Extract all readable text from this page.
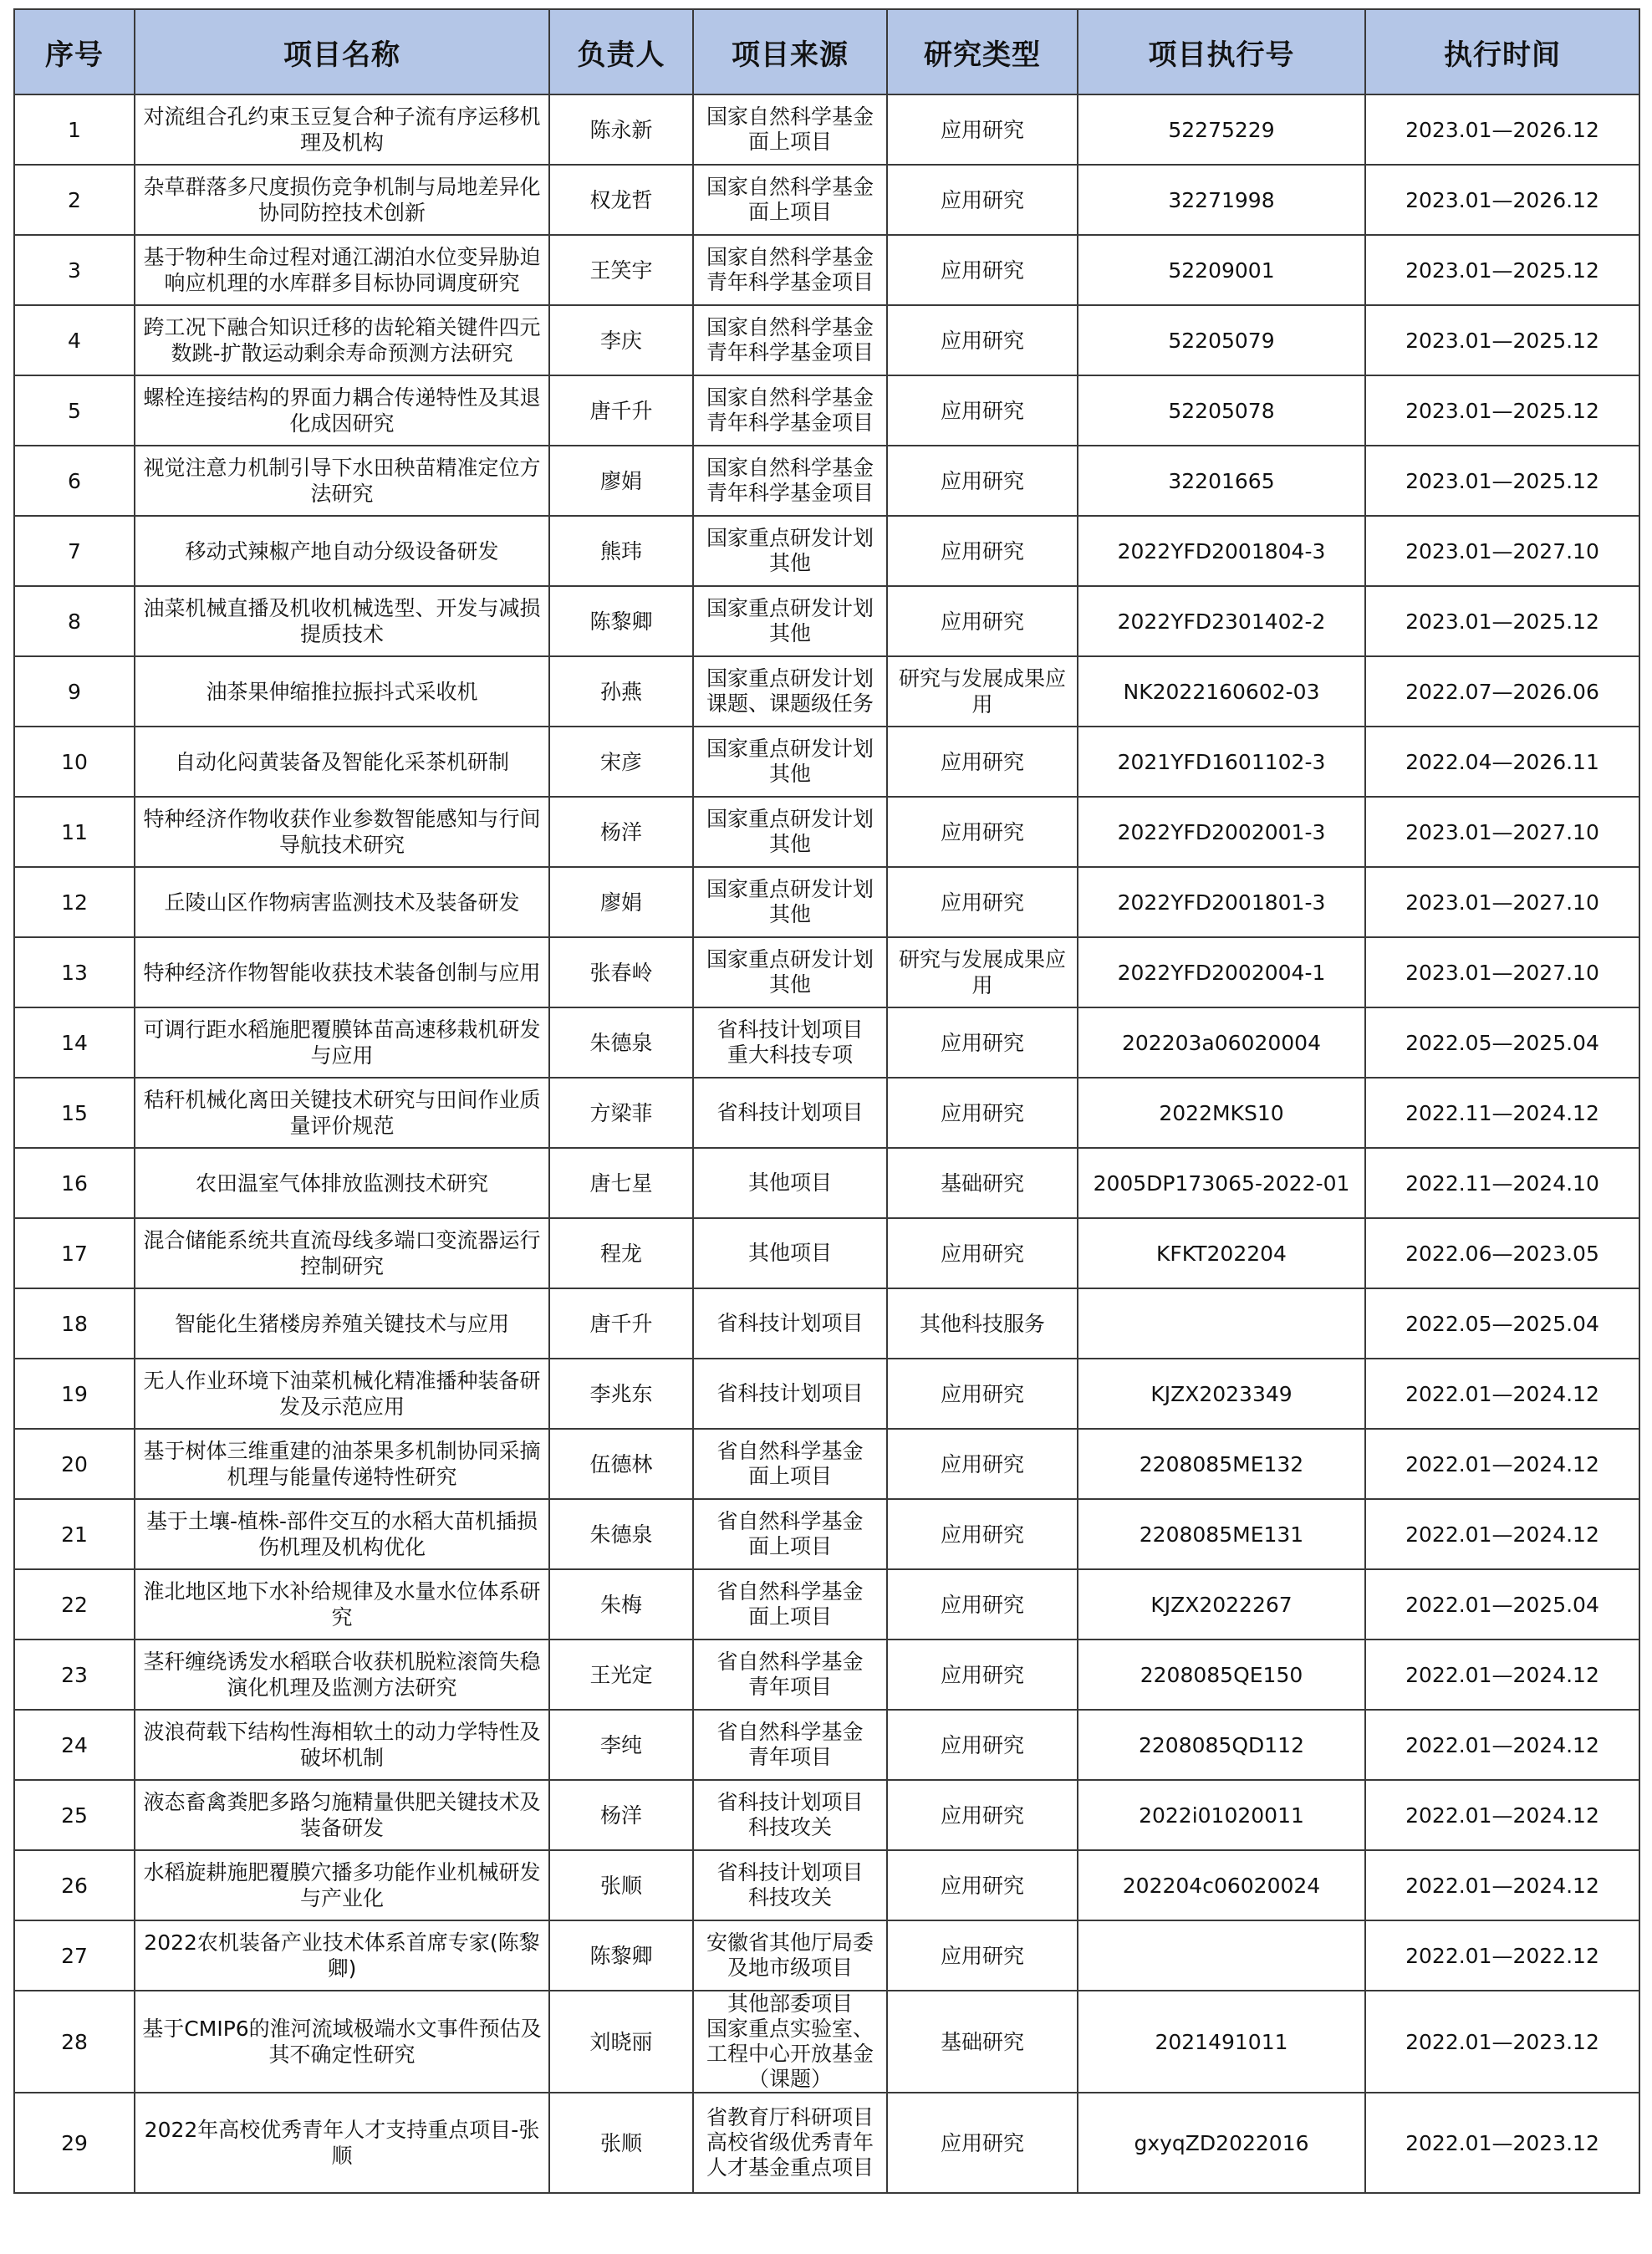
序号	项目名称	负责人	项目来源	研究类型	项目执行号	执行时间
1	对流组合孔约束玉豆复合种子流有序运移机理及机构	陈永新	国家自然科学基金
面上项目	应用研究	52275229	2023.01—2026.12
2	杂草群落多尺度损伤竞争机制与局地差异化协同防控技术创新	权龙哲	国家自然科学基金
面上项目	应用研究	32271998	2023.01—2026.12
3	基于物种生命过程对通江湖泊水位变异胁迫响应机理的水库群多目标协同调度研究	王笑宇	国家自然科学基金
青年科学基金项目	应用研究	52209001	2023.01—2025.12
4	跨工况下融合知识迁移的齿轮箱关键件四元数跳-扩散运动剩余寿命预测方法研究	李庆	国家自然科学基金
青年科学基金项目	应用研究	52205079	2023.01—2025.12
5	螺栓连接结构的界面力耦合传递特性及其退化成因研究	唐千升	国家自然科学基金
青年科学基金项目	应用研究	52205078	2023.01—2025.12
6	视觉注意力机制引导下水田秧苗精准定位方法研究	廖娟	国家自然科学基金
青年科学基金项目	应用研究	32201665	2023.01—2025.12
7	移动式辣椒产地自动分级设备研发	熊玮	国家重点研发计划
其他	应用研究	2022YFD2001804-3	2023.01—2027.10
8	油菜机械直播及机收机械选型、开发与减损提质技术	陈黎卿	国家重点研发计划
其他	应用研究	2022YFD2301402-2	2023.01—2025.12
9	油茶果伸缩推拉振抖式采收机	孙燕	国家重点研发计划
课题、课题级任务	研究与发展成果应用	NK2022160602-03	2022.07—2026.06
10	自动化闷黄装备及智能化采茶机研制	宋彦	国家重点研发计划
其他	应用研究	2021YFD1601102-3	2022.04—2026.11
11	特种经济作物收获作业参数智能感知与行间导航技术研究	杨洋	国家重点研发计划
其他	应用研究	2022YFD2002001-3	2023.01—2027.10
12	丘陵山区作物病害监测技术及装备研发	廖娟	国家重点研发计划
其他	应用研究	2022YFD2001801-3	2023.01—2027.10
13	特种经济作物智能收获技术装备创制与应用	张春岭	国家重点研发计划
其他	研究与发展成果应用	2022YFD2002004-1	2023.01—2027.10
14	可调行距水稻施肥覆膜钵苗高速移栽机研发与应用	朱德泉	省科技计划项目
重大科技专项	应用研究	202203a06020004	2022.05—2025.04
15	秸秆机械化离田关键技术研究与田间作业质量评价规范	方梁菲	省科技计划项目	应用研究	2022MKS10	2022.11—2024.12
16	农田温室气体排放监测技术研究	唐七星	其他项目	基础研究	2005DP173065-2022-01	2022.11—2024.10
17	混合储能系统共直流母线多端口变流器运行控制研究	程龙	其他项目	应用研究	KFKT202204	2022.06—2023.05
18	智能化生猪楼房养殖关键技术与应用	唐千升	省科技计划项目	其他科技服务		2022.05—2025.04
19	无人作业环境下油菜机械化精准播种装备研发及示范应用	李兆东	省科技计划项目	应用研究	KJZX2023349	2022.01—2024.12
20	基于树体三维重建的油茶果多机制协同采摘机理与能量传递特性研究	伍德林	省自然科学基金
面上项目	应用研究	2208085ME132	2022.01—2024.12
21	基于土壤-植株-部件交互的水稻大苗机插损伤机理及机构优化	朱德泉	省自然科学基金
面上项目	应用研究	2208085ME131	2022.01—2024.12
22	淮北地区地下水补给规律及水量水位体系研究	朱梅	省自然科学基金
面上项目	应用研究	KJZX2022267	2022.01—2025.04
23	茎秆缠绕诱发水稻联合收获机脱粒滚筒失稳演化机理及监测方法研究	王光定	省自然科学基金
青年项目	应用研究	2208085QE150	2022.01—2024.12
24	波浪荷载下结构性海相软土的动力学特性及破坏机制	李纯	省自然科学基金
青年项目	应用研究	2208085QD112	2022.01—2024.12
25	液态畜禽粪肥多路匀施精量供肥关键技术及装备研发	杨洋	省科技计划项目
科技攻关	应用研究	2022i01020011	2022.01—2024.12
26	水稻旋耕施肥覆膜穴播多功能作业机械研发与产业化	张顺	省科技计划项目
科技攻关	应用研究	202204c06020024	2022.01—2024.12
27	2022农机装备产业技术体系首席专家(陈黎卿)	陈黎卿	安徽省其他厅局委及地市级项目	应用研究		2022.01—2022.12
28	基于CMIP6的淮河流域极端水文事件预估及其不确定性研究	刘晓丽	其他部委项目
国家重点实验室、工程中心开放基金（课题）	基础研究	2021491011	2022.01—2023.12
29	2022年高校优秀青年人才支持重点项目-张顺	张顺	省教育厅科研项目
高校省级优秀青年人才基金重点项目	应用研究	gxyqZD2022016	2022.01—2023.12
